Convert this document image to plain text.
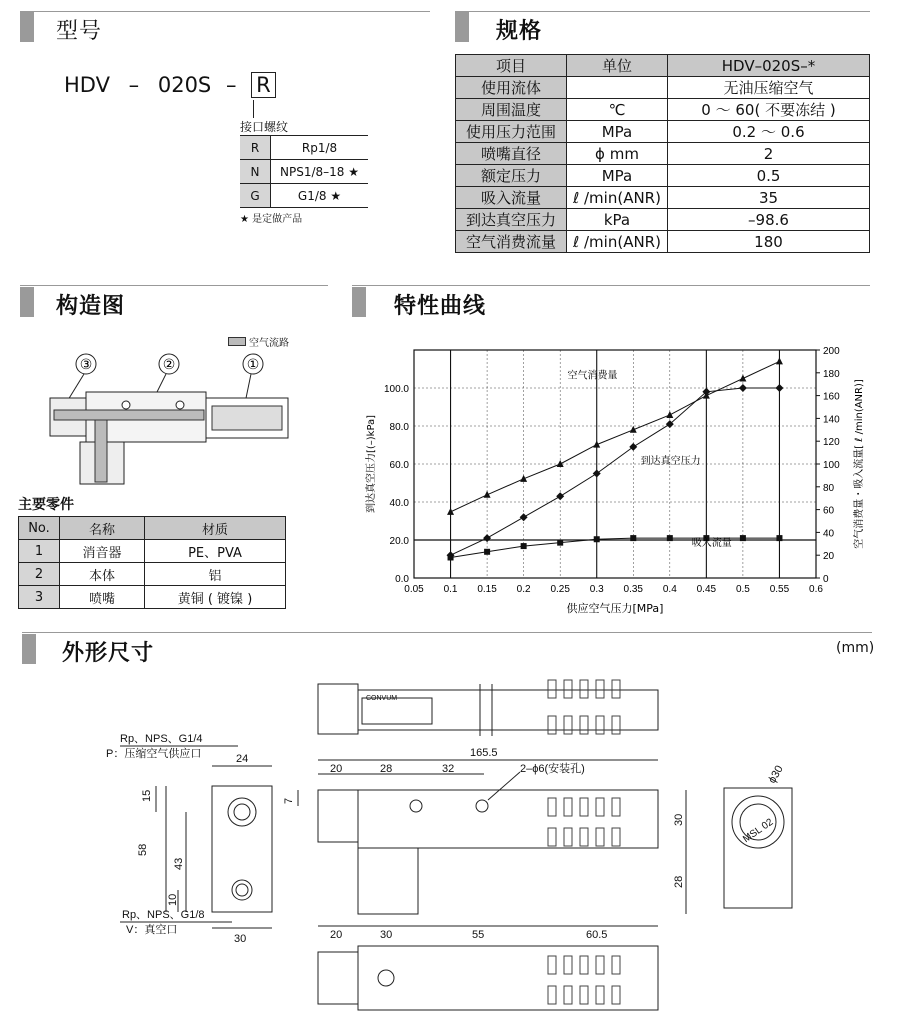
型号
HDV – 020S – R
接口螺纹
R	Rp1/8
N	NPS1/8–18 ★
G	G1/8 ★
★ 是定做产品
规格
项目	单位	HDV–020S–*
使用流体		无油压缩空气
周围温度	℃	0 ～ 60( 不要冻结 )
使用压力范围	MPa	0.2 ～ 0.6
喷嘴直径	ϕ mm	2
额定压力	MPa	0.5
吸入流量	ℓ /min(ANR)	35
到达真空压力	kPa	–98.6
空气消费流量	ℓ /min(ANR)	180
构造图
空气流路
③	②	①
主要零件
No.	名称	材质
1	消音器	PE、PVA
2	本体	铝
3	喷嘴	黄铜 ( 镀镍 )
特性曲线
0.05 0.1 0.15 0.2 0.25 0.3 0.35 0.4 0.45 0.5 0.55 0.6
0.0
20.0
40.0
60.0
80.0
100.0
0
20
40
60
80
100
120
140
160
180
200
供应空气压力[MPa]
到达真空压力[(–)kPa]	空气消费量・吸入流量[ ℓ /min(ANR)]
空气消费量
到达真空压力
吸入流量
外形尺寸	(mm)
CONVUM
Rp、NPS、G1/4
P：压缩空气供应口
Rp、NPS、G1/8
V：真空口
24
15
58
43
10
30
165.5
20	28	32	2–ϕ6(安装孔)
7
30
28
20	30	55	60.5
ϕ30
MSL 02
